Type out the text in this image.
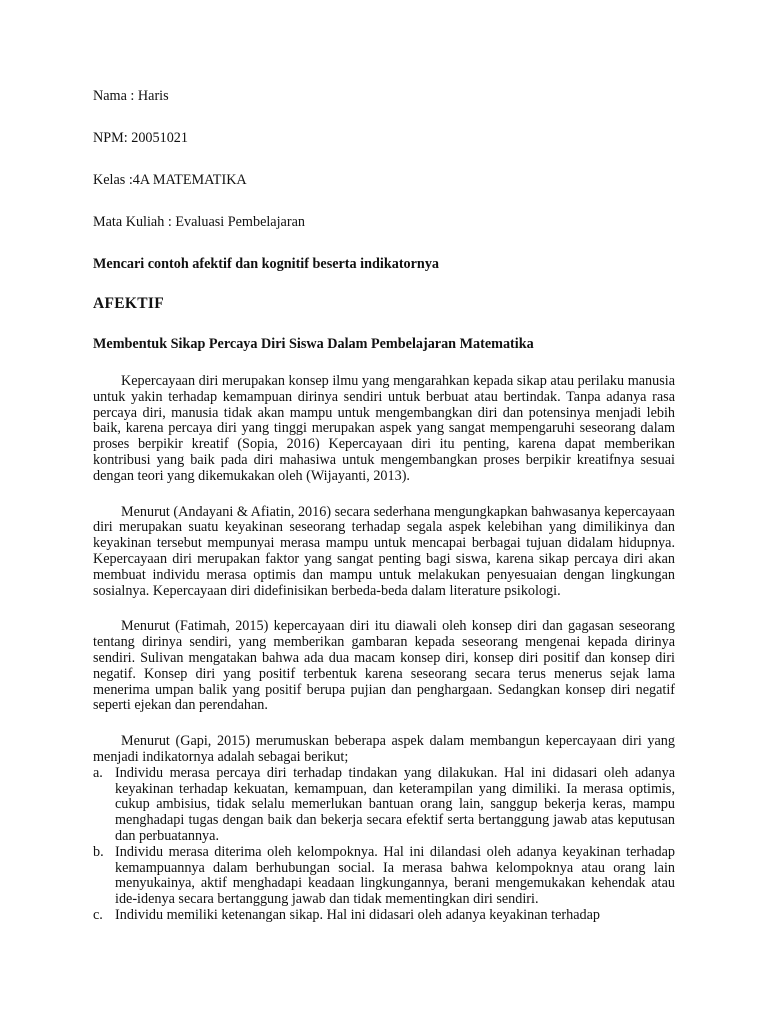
Nama : Haris

NPM: 20051021

Kelas :4A MATEMATIKA

Mata Kuliah : Evaluasi Pembelajaran

Mencari contoh afektif dan kognitif beserta indikatornya

AFEKTIF

Membentuk Sikap Percaya Diri Siswa Dalam Pembelajaran Matematika

Kepercayaan diri merupakan konsep ilmu yang mengarahkan kepada sikap atau perilaku manusia untuk yakin terhadap kemampuan dirinya sendiri untuk berbuat atau bertindak. Tanpa adanya rasa percaya diri, manusia tidak akan mampu untuk mengembangkan diri dan potensinya menjadi lebih baik, karena percaya diri yang tinggi merupakan aspek yang sangat mempengaruhi seseorang dalam proses berpikir kreatif (Sopia, 2016) Kepercayaan diri itu penting, karena dapat memberikan kontribusi yang baik pada diri mahasiwa untuk mengembangkan proses berpikir kreatifnya sesuai dengan teori yang dikemukakan oleh (Wijayanti, 2013).

Menurut (Andayani & Afiatin, 2016) secara sederhana mengungkapkan bahwasanya kepercayaan diri merupakan suatu keyakinan seseorang terhadap segala aspek kelebihan yang dimilikinya dan keyakinan tersebut mempunyai merasa mampu untuk mencapai berbagai tujuan didalam hidupnya. Kepercayaan diri merupakan faktor yang sangat penting bagi siswa, karena sikap percaya diri akan membuat individu merasa optimis dan mampu untuk melakukan penyesuaian dengan lingkungan sosialnya. Kepercayaan diri didefinisikan berbeda-beda dalam literature psikologi.

Menurut (Fatimah, 2015) kepercayaan diri itu diawali oleh konsep diri dan gagasan seseorang tentang dirinya sendiri, yang memberikan gambaran kepada seseorang mengenai kepada dirinya sendiri. Sulivan mengatakan bahwa ada dua macam konsep diri, konsep diri positif dan konsep diri negatif. Konsep diri yang positif terbentuk karena seseorang secara terus menerus sejak lama menerima umpan balik yang positif berupa pujian dan penghargaan. Sedangkan konsep diri negatif seperti ejekan dan perendahan.

Menurut (Gapi, 2015) merumuskan beberapa aspek dalam membangun kepercayaan diri yang menjadi indikatornya adalah sebagai berikut;

a. Individu merasa percaya diri terhadap tindakan yang dilakukan. Hal ini didasari oleh adanya keyakinan terhadap kekuatan, kemampuan, dan keterampilan yang dimiliki. Ia merasa optimis, cukup ambisius, tidak selalu memerlukan bantuan orang lain, sanggup bekerja keras, mampu menghadapi tugas dengan baik dan bekerja secara efektif serta bertanggung jawab atas keputusan dan perbuatannya.
b. Individu merasa diterima oleh kelompoknya. Hal ini dilandasi oleh adanya keyakinan terhadap kemampuannya dalam berhubungan social. Ia merasa bahwa kelompoknya atau orang lain menyukainya, aktif menghadapi keadaan lingkungannya, berani mengemukakan kehendak atau ide-idenya secara bertanggung jawab dan tidak mementingkan diri sendiri.
c. Individu memiliki ketenangan sikap. Hal ini didasari oleh adanya keyakinan terhadap
